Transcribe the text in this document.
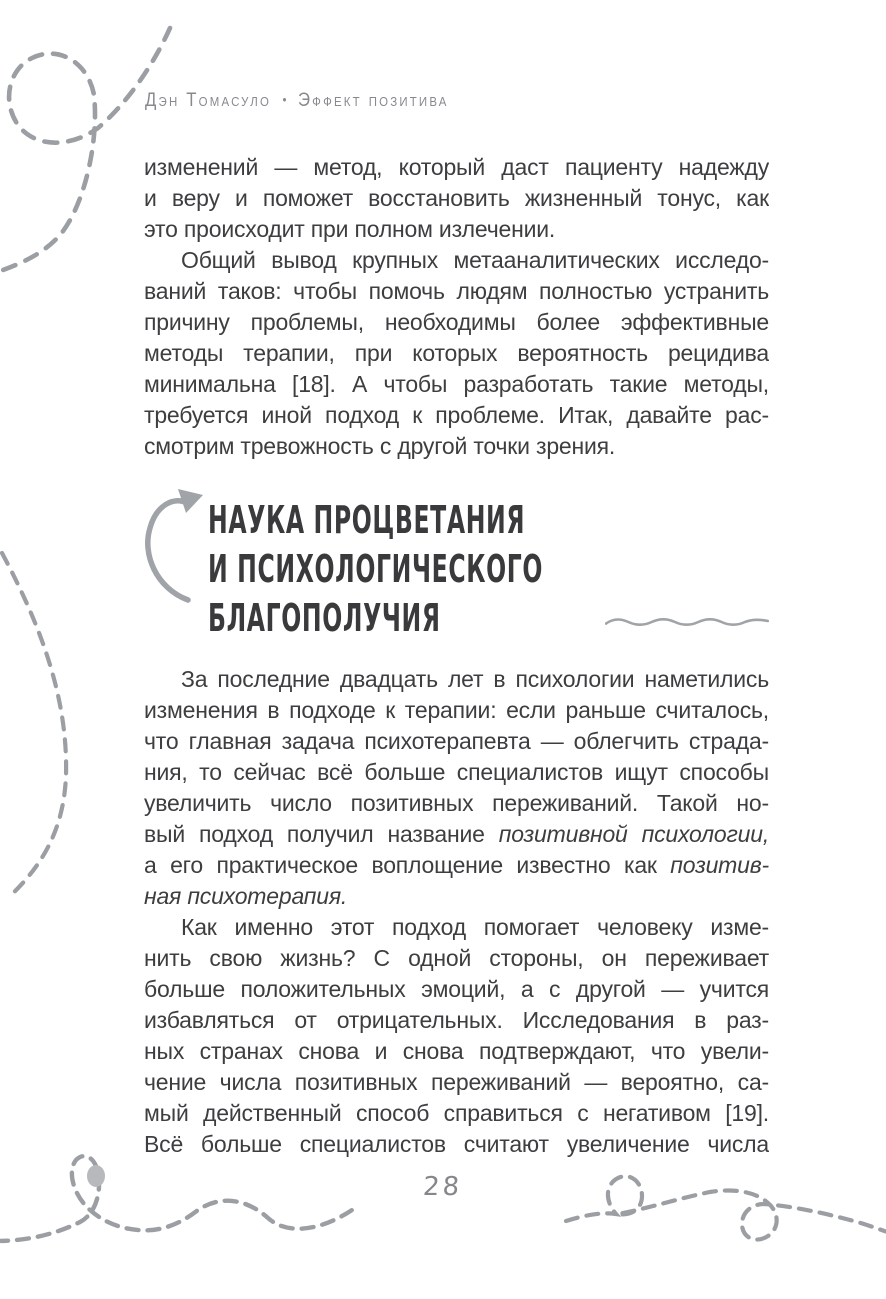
Дэн Томасуло • Эффект позитива
изменений — метод, который даст пациенту надежду
и веру и поможет восстановить жизненный тонус, как
это происходит при полном излечении.
Общий вывод крупных метааналитических исследо-
ваний таков: чтобы помочь людям полностью устранить
причину проблемы, необходимы более эффективные
методы терапии, при которых вероятность рецидива
минимальна [18]. А чтобы разработать такие методы,
требуется иной подход к проблеме. Итак, давайте рас-
смотрим тревожность с другой точки зрения.
НАУКА ПРОЦВЕТАНИЯ
И ПСИХОЛОГИЧЕСКОГО
БЛАГОПОЛУЧИЯ
За последние двадцать лет в психологии наметились
изменения в подходе к терапии: если раньше считалось,
что главная задача психотерапевта — облегчить страда-
ния, то сейчас всё больше специалистов ищут способы
увеличить число позитивных переживаний. Такой но-
вый подход получил название позитивной психологии,
а его практическое воплощение известно как позитив-
ная психотерапия.
Как именно этот подход помогает человеку изме-
нить свою жизнь? С одной стороны, он переживает
больше положительных эмоций, а с другой — учится
избавляться от отрицательных. Исследования в раз-
ных странах снова и снова подтверждают, что увели-
чение числа позитивных переживаний — вероятно, са-
мый действенный способ справиться с негативом [19].
Всё больше специалистов считают увеличение числа
28
